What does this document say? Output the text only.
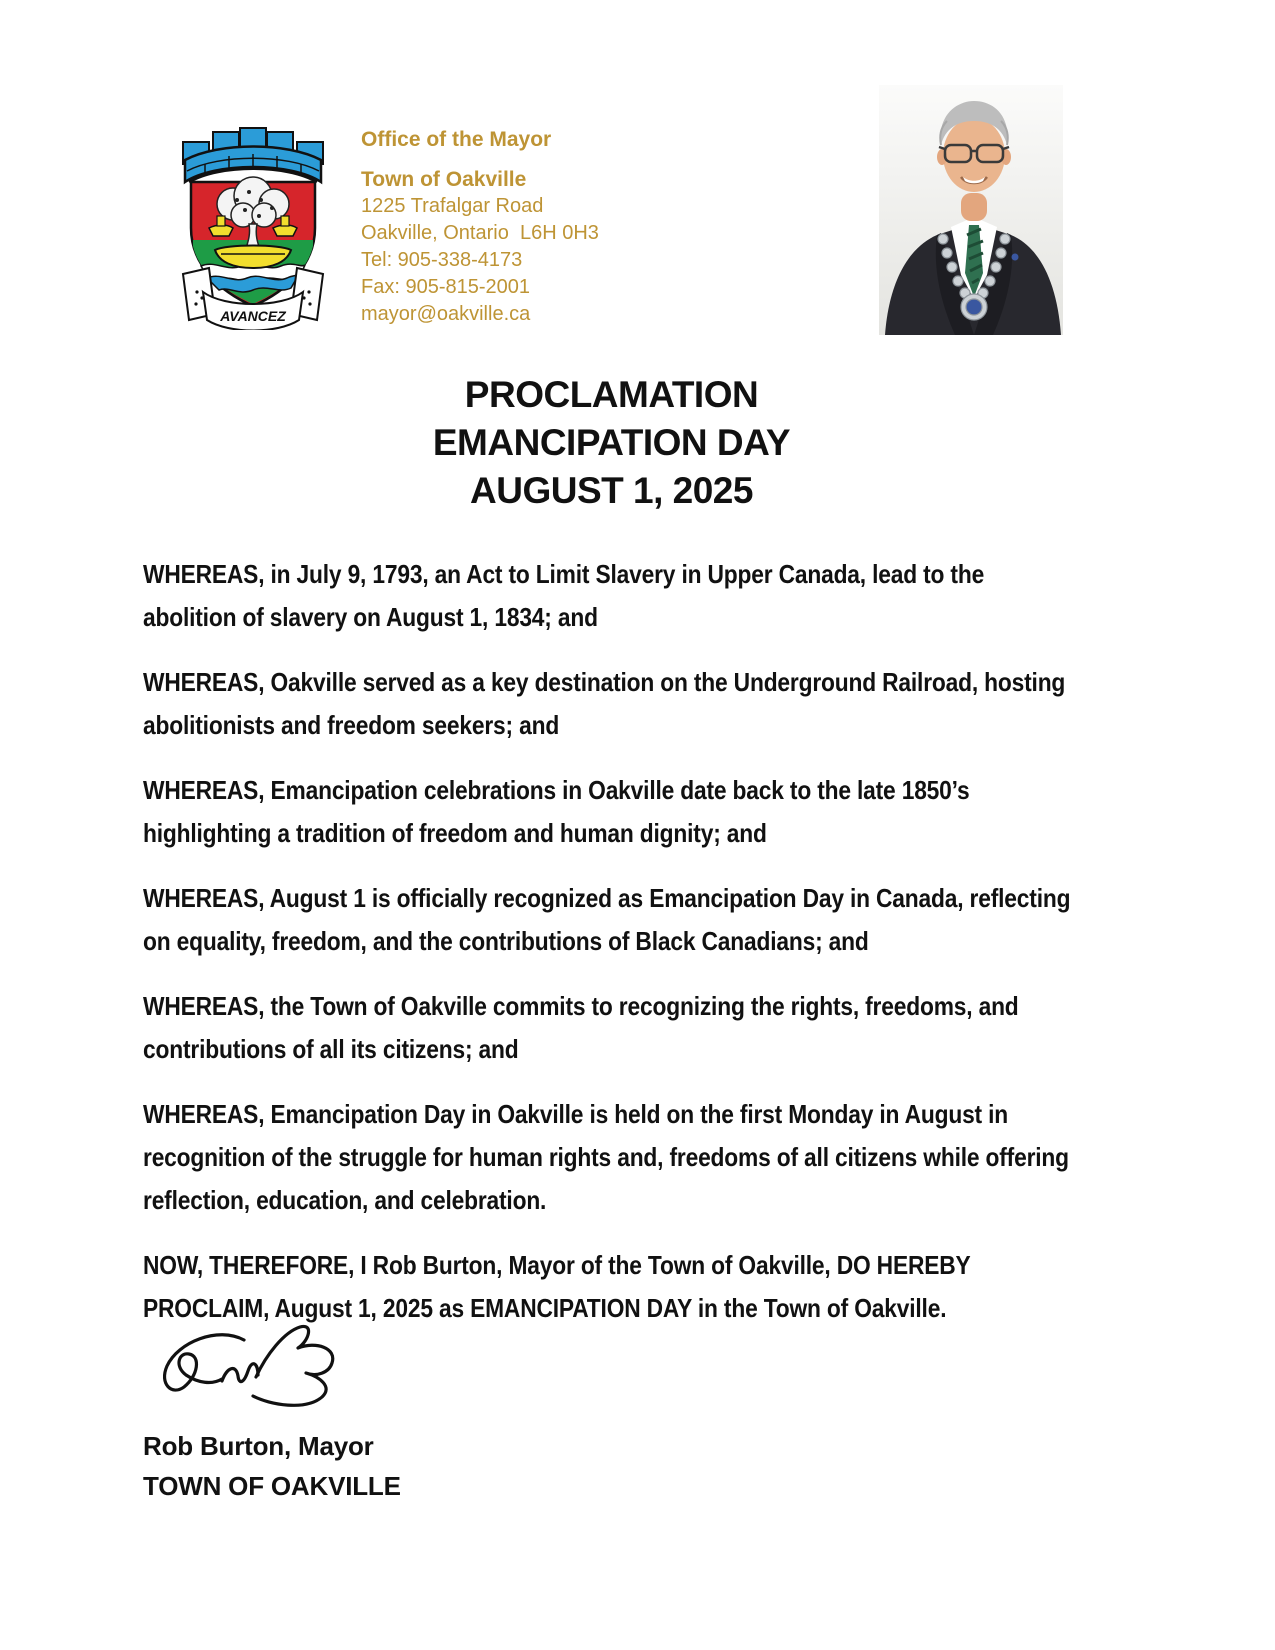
AVANCEZ

Office of the Mayor

Town of Oakville

1225 Trafalgar Road

Oakville, Ontario  L6H 0H3

Tel: 905-338-4173

Fax: 905-815-2001

mayor@oakville.ca

PROCLAMATION
EMANCIPATION DAY
AUGUST 1, 2025

WHEREAS, in July 9, 1793, an Act to Limit Slavery in Upper Canada, lead to the abolition of slavery on August 1, 1834; and

WHEREAS, Oakville served as a key destination on the Underground Railroad, hosting abolitionists and freedom seekers; and

WHEREAS, Emancipation celebrations in Oakville date back to the late 1850’s highlighting a tradition of freedom and human dignity; and

WHEREAS, August 1 is officially recognized as Emancipation Day in Canada, reflecting on equality, freedom, and the contributions of Black Canadians; and

WHEREAS, the Town of Oakville commits to recognizing the rights, freedoms, and contributions of all its citizens; and

WHEREAS, Emancipation Day in Oakville is held on the first Monday in August in recognition of the struggle for human rights and, freedoms of all citizens while offering reflection, education, and celebration.

NOW, THEREFORE, I Rob Burton, Mayor of the Town of Oakville, DO HEREBY PROCLAIM, August 1, 2025 as EMANCIPATION DAY in the Town of Oakville.

Rob Burton, Mayor

TOWN OF OAKVILLE
